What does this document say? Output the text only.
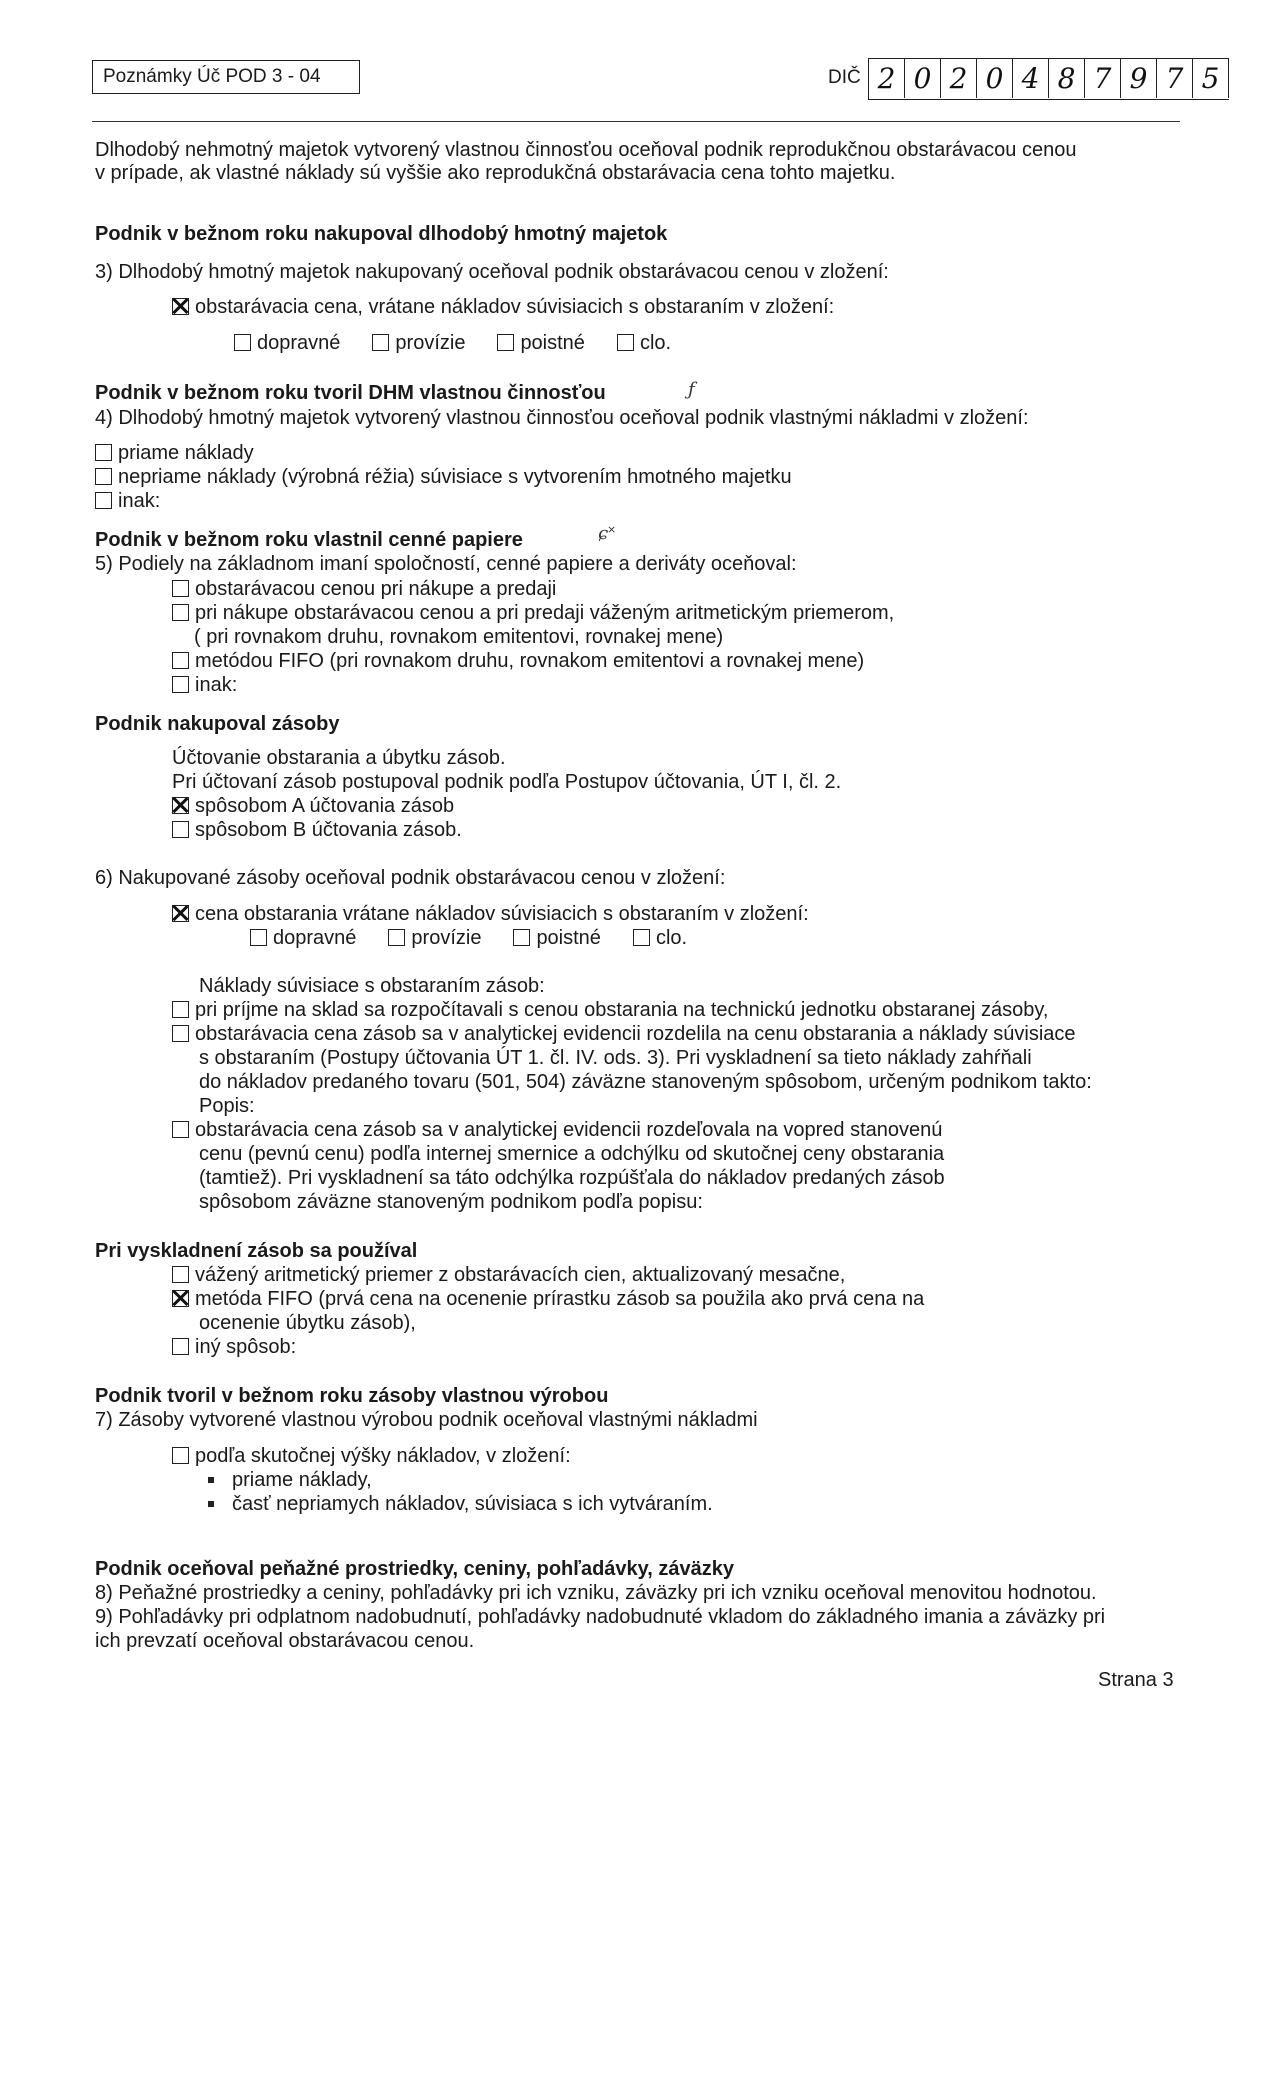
Poznámky Úč POD 3 - 04	DIČ 2 0 2 0 4 8 7 9 7 5
Dlhodobý nehmotný majetok vytvorený vlastnou činnosťou oceňoval podnik reprodukčnou obstarávacou cenou
v prípade, ak vlastné náklady sú vyššie ako reprodukčná obstarávacia cena tohto majetku.
Podnik v bežnom roku nakupoval dlhodobý hmotný majetok
3) Dlhodobý hmotný majetok nakupovaný oceňoval podnik obstarávacou cenou v zložení:
obstarávacia cena, vrátane nákladov súvisiacich s obstaraním v zložení:
dopravné	provízie	poistné	clo.
Podnik v bežnom roku tvoril DHM vlastnou činnosťou	ƒ
4) Dlhodobý hmotný majetok vytvorený vlastnou činnosťou oceňoval podnik vlastnými nákladmi v zložení:
priame náklady
nepriame náklady (výrobná réžia) súvisiace s vytvorením hmotného majetku
inak:
Podnik v bežnom roku vlastnil cenné papiere	ɕ˟
5) Podiely na základnom imaní spoločností, cenné papiere a deriváty oceňoval:
obstarávacou cenou pri nákupe a predaji
pri nákupe obstarávacou cenou a pri predaji váženým aritmetickým priemerom,
( pri rovnakom druhu, rovnakom emitentovi, rovnakej mene)
metódou FIFO (pri rovnakom druhu, rovnakom emitentovi a rovnakej mene)
inak:
Podnik nakupoval zásoby
Účtovanie obstarania a úbytku zásob.
Pri účtovaní zásob postupoval podnik podľa Postupov účtovania, ÚT I, čl. 2.
spôsobom A účtovania zásob
spôsobom B účtovania zásob.
6) Nakupované zásoby oceňoval podnik obstarávacou cenou v zložení:
cena obstarania vrátane nákladov súvisiacich s obstaraním v zložení:
dopravné	provízie	poistné	clo.
Náklady súvisiace s obstaraním zásob:
pri príjme na sklad sa rozpočítavali s cenou obstarania na technickú jednotku obstaranej zásoby,
obstarávacia cena zásob sa v analytickej evidencii rozdelila na cenu obstarania a náklady súvisiace
s obstaraním (Postupy účtovania ÚT 1. čl. IV. ods. 3). Pri vyskladnení sa tieto náklady zahŕňali
do nákladov predaného tovaru (501, 504) záväzne stanoveným spôsobom, určeným podnikom takto:
Popis:
obstarávacia cena zásob sa v analytickej evidencii rozdeľovala na vopred stanovenú
cenu (pevnú cenu) podľa internej smernice a odchýlku od skutočnej ceny obstarania
(tamtiež). Pri vyskladnení sa táto odchýlka rozpúšťala do nákladov predaných zásob
spôsobom záväzne stanoveným podnikom podľa popisu:
Pri vyskladnení zásob sa používal
vážený aritmetický priemer z obstarávacích cien, aktualizovaný mesačne,
metóda FIFO (prvá cena na ocenenie prírastku zásob sa použila ako prvá cena na
ocenenie úbytku zásob),
iný spôsob:
Podnik tvoril v bežnom roku zásoby vlastnou výrobou
7) Zásoby vytvorené vlastnou výrobou podnik oceňoval vlastnými nákladmi
podľa skutočnej výšky nákladov, v zložení:
priame náklady,
časť nepriamych nákladov, súvisiaca s ich vytváraním.
Podnik oceňoval peňažné prostriedky, ceniny, pohľadávky, záväzky
8) Peňažné prostriedky a ceniny, pohľadávky pri ich vzniku, záväzky pri ich vzniku oceňoval menovitou hodnotou.
9) Pohľadávky pri odplatnom nadobudnutí, pohľadávky nadobudnuté vkladom do základného imania a záväzky pri
ich prevzatí oceňoval obstarávacou cenou.
Strana 3
